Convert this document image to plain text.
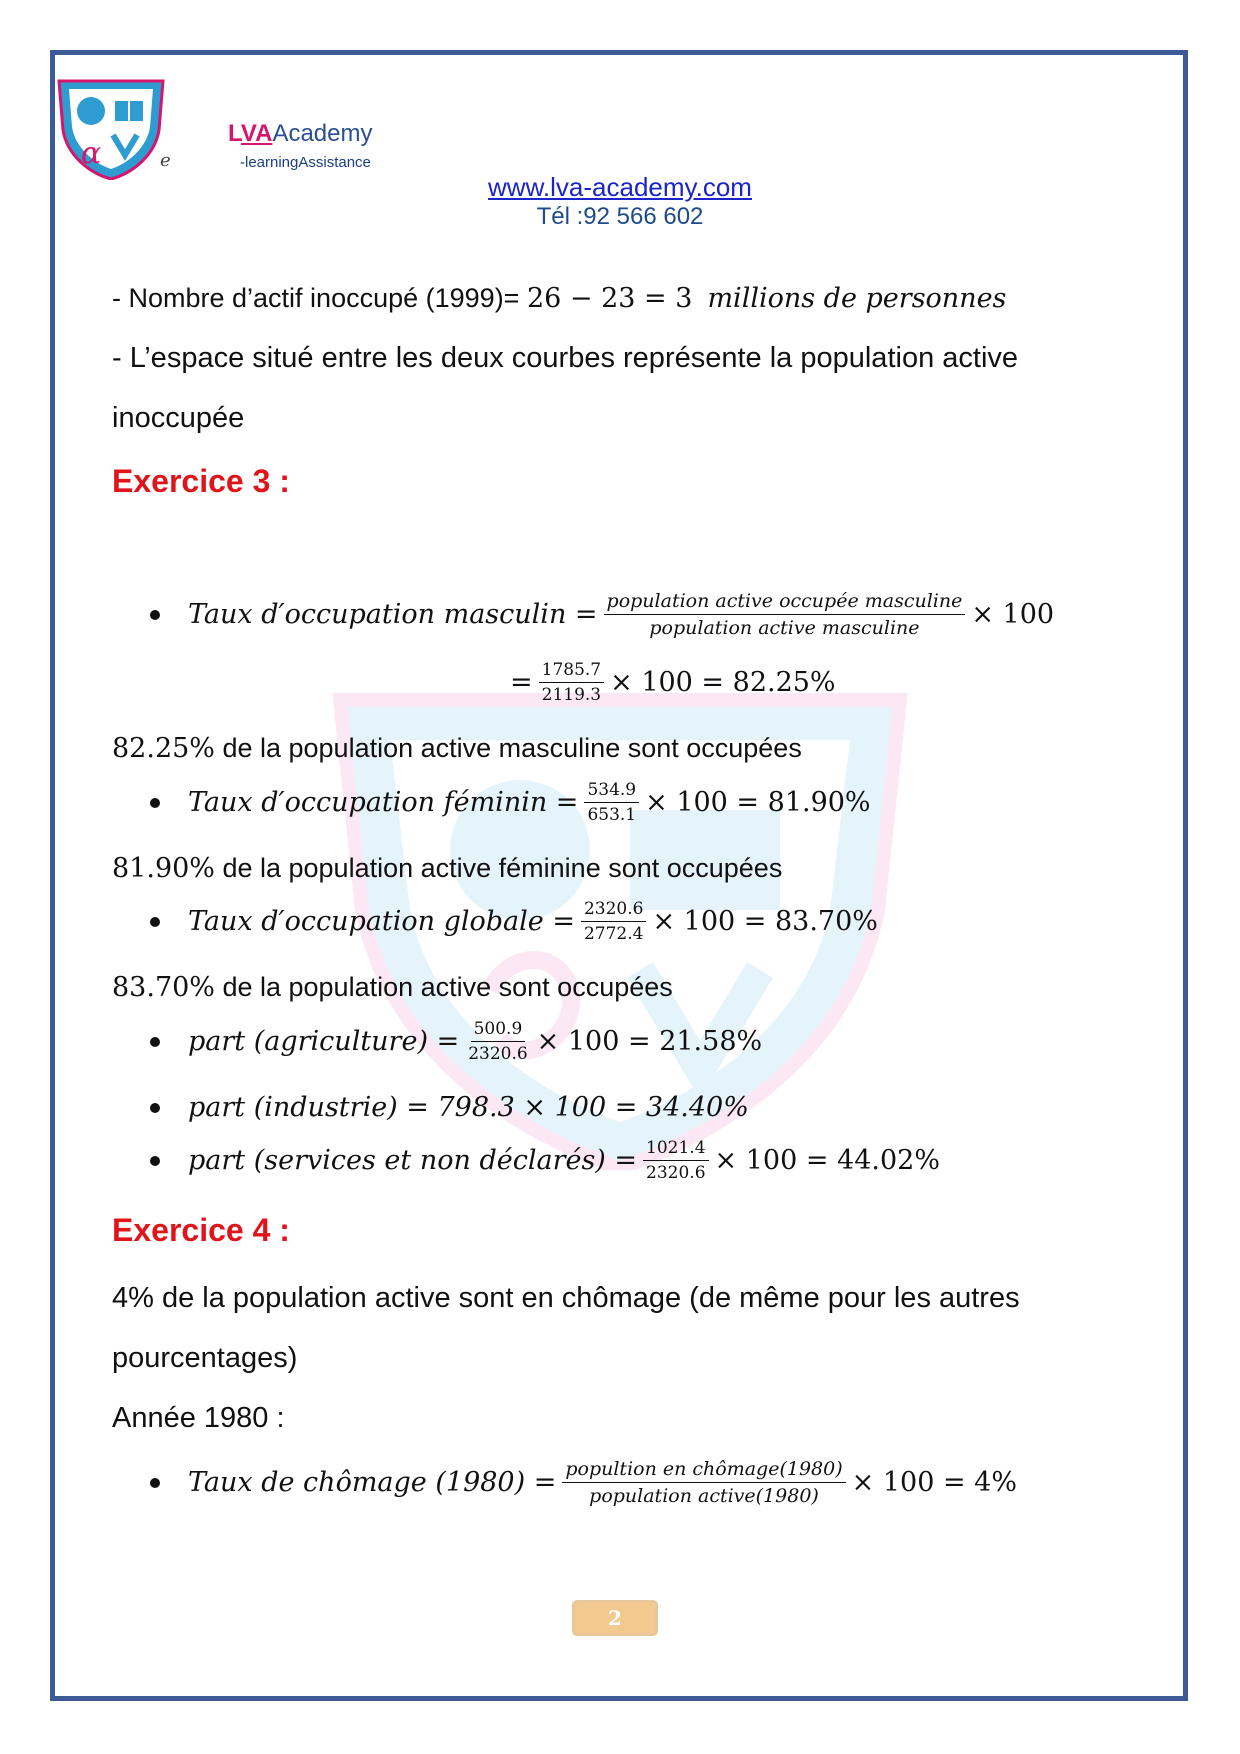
α	e
LVAAcademy
-learningAssistance
www.lva-academy.com
Tél :92 566 602
- Nombre d’actif inoccupé (1999)= 26 − 23 = 3 millions de personnes
- L’espace situé entre les deux courbes représente la population active
inoccupée
Exercice 3 :
Taux d′occupation masculin = $\frac{\text{population active occupée masculine}}{\text{population active masculine}} \times 100$
= $\frac{1785.7}{2119.3} \times 100 = 82.25\%$
82.25% de la population active masculine sont occupées
Taux d′occupation féminin = $\frac{534.9}{653.1} \times 100 = 81.90\%$
81.90% de la population active féminine sont occupées
Taux d′occupation globale = $\frac{2320.6}{2772.4} \times 100 = 83.70\%$
83.70% de la population active sont occupées
part (agriculture) = $\frac{500.9}{2320.6} \times 100 = 21.58\%$
part (industrie) = 798.3 × 100 = 34.40%
part (services et non déclarés) = $\frac{1021.4}{2320.6} \times 100 = 44.02\%$
Exercice 4 :
4% de la population active sont en chômage (de même pour les autres
pourcentages)
Année 1980 :
Taux de chômage $(1980) = \frac{\text{popultion en chômage(1980)}}{\text{population active(1980)}} \times 100 = 4\%$
2
